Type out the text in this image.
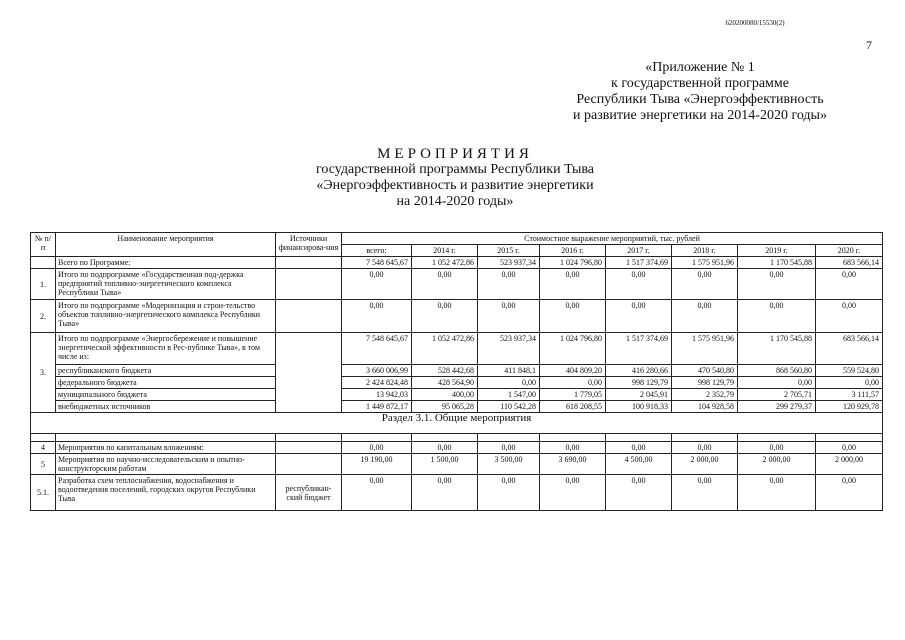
620200080/15530(2)
7
«Приложение № 1
к государственной программе
Республики Тыва «Энергоэффективность
и развитие энергетики на 2014-2020 годы»
МЕРОПРИЯТИЯ
государственной программы Республики Тыва
«Энергоэффективность и развитие энергетики
на 2014-2020 годы»
№ п/п	Наименование мероприятия	Источники финансирова-ния	Стоимостное выражение мероприятий, тыс. рублей							
			всего:	2014 г.	2015 г.	2016 г.	2017 г.	2018 г.	2019 г.	2020 г.
	Всего по Программе:		7 548 645,67	1 052 472,86	523 937,34	1 024 796,80	1 517 374,69	1 575 951,96	1 170 545,88	683 566,14
1.	Итого по подпрограмме «Государственная под-держка предприятий топливно-энергетического комплекса Республики Тыва»		0,00	0,00	0,00	0,00	0,00	0,00	0,00	0,00
2.	Итого по подпрограмме «Модернизация и строи-тельство объектов топливно-энергетического комплекса Республики Тыва»		0,00	0,00	0,00	0,00	0,00	0,00	0,00	0,00
3.	Итого по подпрограмме «Энергосбережение и повышение энергетической эффективности в Рес-публике Тыва», в том числе из:		7 548 645,67	1 052 472,86	523 937,34	1 024 796,80	1 517 374,69	1 575 951,96	1 170 545,88	683 566,14
	республиканского бюджета		3 660 006,99	528 442,68	411 848,1	404 809,20	416 280,66	470 540,80	868 560,80	559 524,80
	федерального бюджета		2 424 824,48	428 564,90	0,00	0,00	998 129,79	998 129,79	0,00	0,00
	муниципального бюджета		13 942,03	400,00	1 547,00	1 779,05	2 045,91	2 352,79	2 705,71	3 111,57
	внебюджетных источников		1 449 872,17	95 065,28	110 542,28	618 208,55	100 918,33	104 928,58	299 279,37	120 929,78
Раздел 3.1. Общие мероприятия										

4	Мероприятия по капитальным вложениям:		0,00	0,00	0,00	0,00	0,00	0,00	0,00	0,00
5	Мероприятия по научно-исследовательским и опытно-конструкторским работам		19 190,00	1 500,00	3 500,00	3 690,00	4 500,00	2 000,00	2 000,00	2 000,00
5.1.	Разработка схем теплоснабжения, водоснабжения и водоотведения поселений, городских округов Республики Тыва	республикан-ский бюджет	0,00	0,00	0,00	0,00	0,00	0,00	0,00	0,00
